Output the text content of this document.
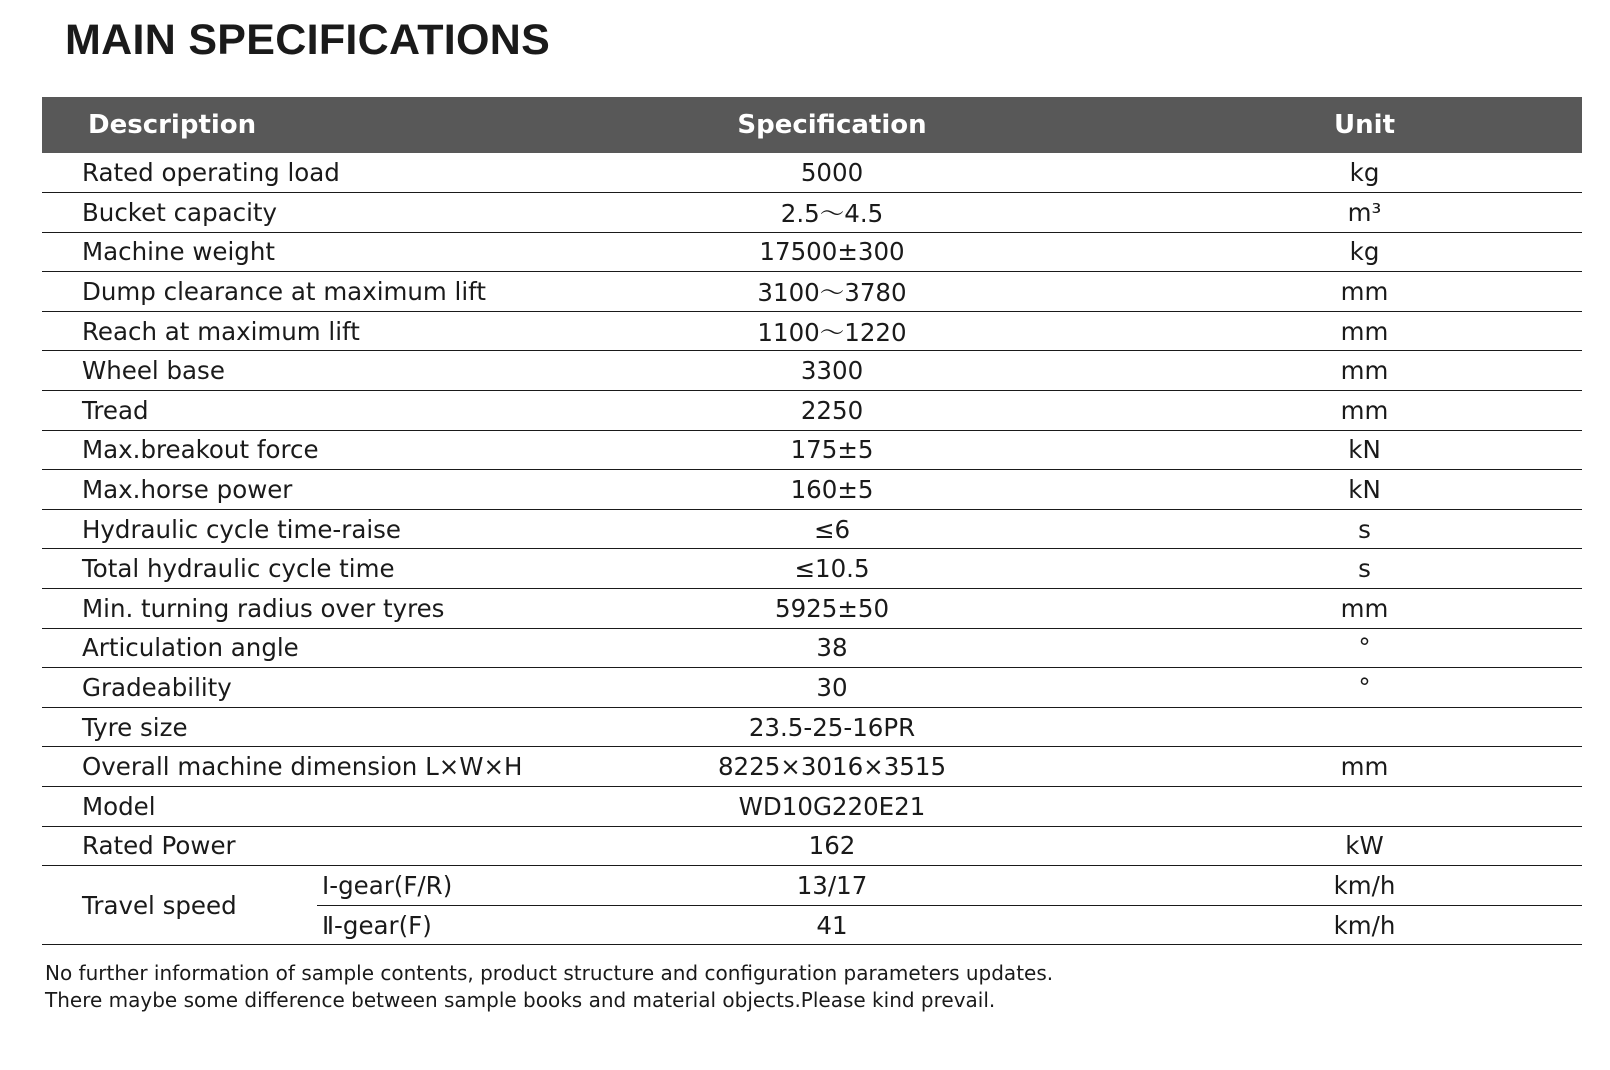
MAIN SPECIFICATIONS
Description		Specification	Unit
Rated operating load		5000	kg
Bucket capacity		2.5～4.5	m³
Machine weight		17500±300	kg
Dump clearance at maximum lift		3100～3780	mm
Reach at maximum lift		1100～1220	mm
Wheel base		3300	mm
Tread		2250	mm
Max.breakout force		175±5	kN
Max.horse power		160±5	kN
Hydraulic cycle time-raise		≤6	s
Total hydraulic cycle time		≤10.5	s
Min. turning radius over tyres		5925±50	mm
Articulation angle		38	°
Gradeability		30	°
Tyre size		23.5-25-16PR	
Overall machine dimension L×W×H		8225×3016×3515	mm
Model		WD10G220E21	
Rated Power		162	kW
Travel speed	Ⅰ-gear(F/R)	13/17	km/h
	Ⅱ-gear(F)	41	km/h

No further information of sample contents, product structure and configuration parameters updates.

There maybe some difference between sample books and material objects.Please kind prevail.
